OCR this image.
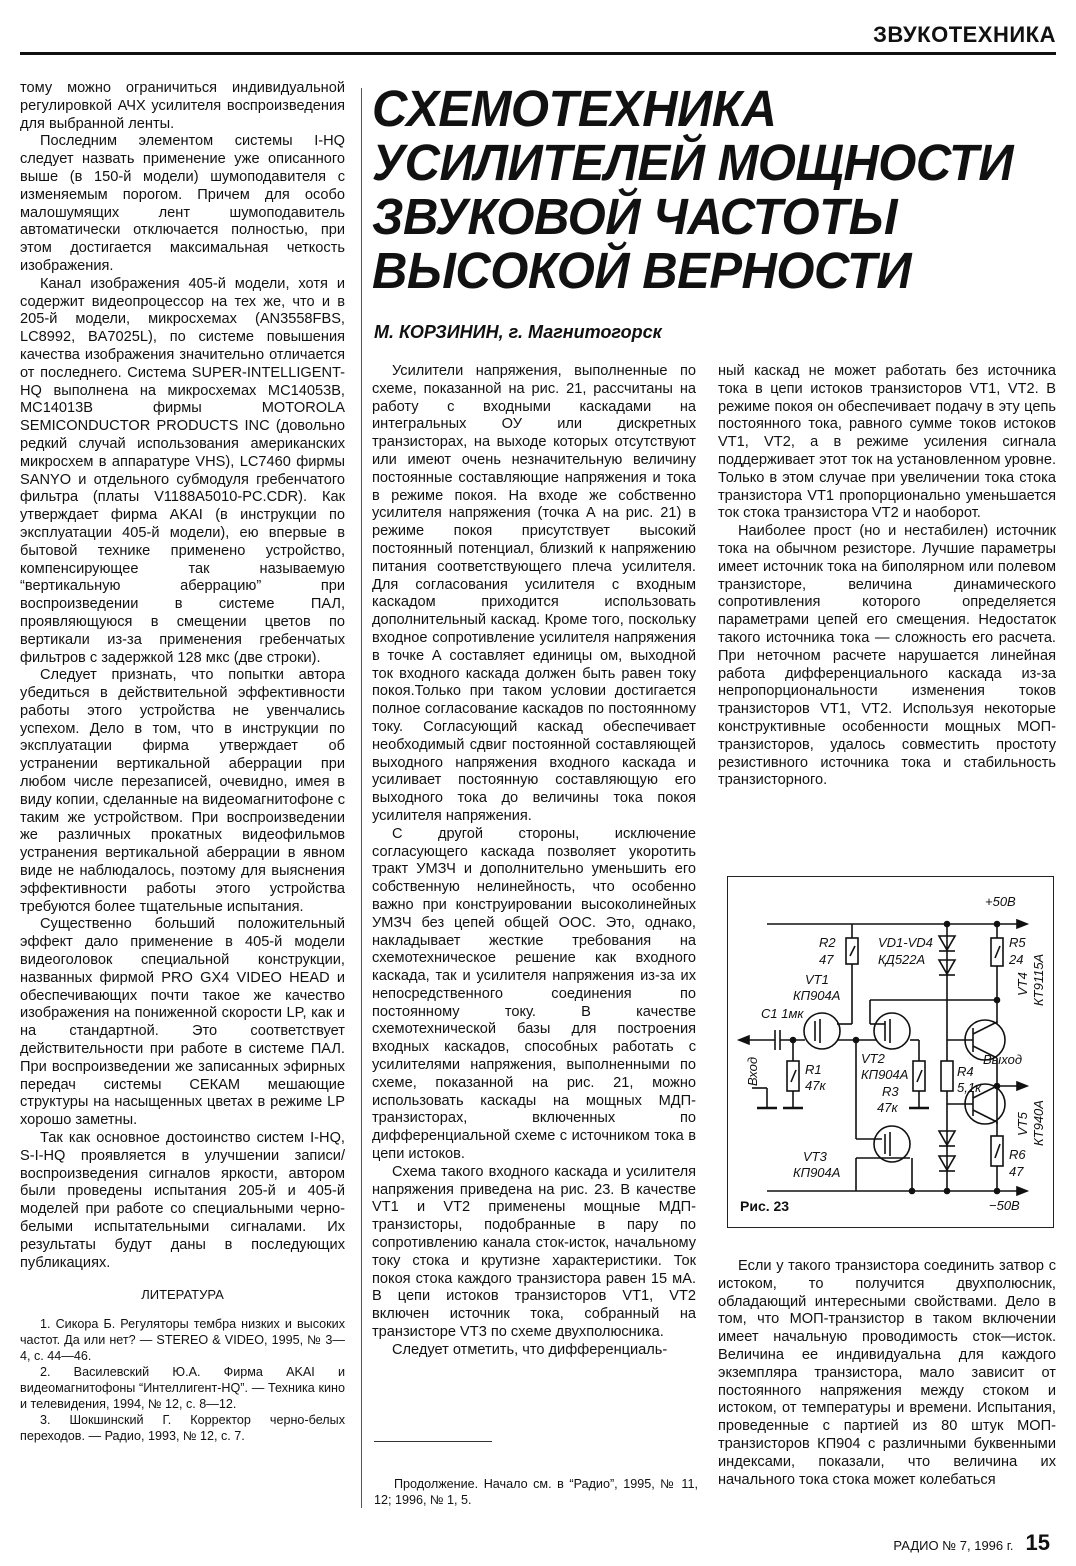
ЗВУКОТЕХНИКА

тому можно ограничиться индивидуальной регулировкой АЧХ усилителя воспроизведения для выбранной ленты.

Последним элементом системы I-HQ следует назвать применение уже описанного выше (в 150-й модели) шумоподавителя с изменяемым порогом. Причем для особо малошумящих лент шумоподавитель автоматически отключается полностью, при этом достигается максимальная четкость изображения.

Канал изображения 405-й модели, хотя и содержит видеопроцессор на тех же, что и в 205-й модели, микросхемах (AN3558FBS, LC8992, BA7025L), по системе повышения качества изображения значительно отличается от последнего. Система SUPER-INTELLIGENT-HQ выполнена на микросхемах MC14053B, MC14013B фирмы MOTOROLA SEMICONDUCTOR PRODUCTS INC (довольно редкий случай использования американских микросхем в аппаратуре VHS), LC7460 фирмы SANYO и отдельного субмодуля гребенчатого фильтра (платы V1188A5010-PC.CDR). Как утверждает фирма AKAI (в инструкции по эксплуатации 405-й модели), ею впервые в бытовой технике применено устройство, компенсирующее так называемую “вертикальную аберрацию” при воспроизведении в системе ПАЛ, проявляющуюся в смещении цветов по вертикали из-за применения гребенчатых фильтров с задержкой 128 мкс (две строки).

Следует признать, что попытки автора убедиться в действительной эффективности работы этого устройства не увенчались успехом. Дело в том, что в инструкции по эксплуатации фирма утверждает об устранении вертикальной аберрации при любом числе перезаписей, очевидно, имея в виду копии, сделанные на видеомагнитофоне с таким же устройством. При воспроизведении же различных прокатных видеофильмов устранения вертикальной аберрации в явном виде не наблюдалось, поэтому для выяснения эффективности работы этого устройства требуются более тщательные испытания.

Существенно больший положительный эффект дало применение в 405-й модели видеоголовок специальной конструкции, названных фирмой PRO GX4 VIDEO HEAD и обеспечивающих почти такое же качество изображения на пониженной скорости LP, как и на стандартной. Это соответствует действительности при работе в системе ПАЛ. При воспроизведении же записанных эфирных передач системы СЕКАМ мешающие структуры на насыщенных цветах в режиме LP хорошо заметны.

Так как основное достоинство систем I-HQ, S-I-HQ проявляется в улучшении записи/воспроизведения сигналов яркости, автором были проведены испытания 205-й и 405-й моделей при работе со специальными черно-белыми испытательными сигналами. Их результаты будут даны в последующих публикациях.

ЛИТЕРАТУРА

1. Сикора Б. Регуляторы тембра низких и высоких частот. Да или нет? — STEREO & VIDEO, 1995, № 3—4, с. 44—46.

2. Василевский Ю.А. Фирма AKAI и видеомагнитофоны “Интеллигент-HQ”. — Техника кино и телевидения, 1994, № 12, с. 8—12.

3. Шокшинский Г. Корректор черно-белых переходов. — Радио, 1993, № 12, с. 7.

СХЕМОТЕХНИКА
УСИЛИТЕЛЕЙ МОЩНОСТИ
ЗВУКОВОЙ ЧАСТОТЫ
ВЫСОКОЙ ВЕРНОСТИ
М. КОРЗИНИН, г. Магнитогорск

Усилители напряжения, выполненные по схеме, показанной на рис. 21, рассчитаны на работу с входными каскадами на интегральных ОУ или дискретных транзисторах, на выходе которых отсутствуют или имеют очень незначительную величину постоянные составляющие напряжения и тока в режиме покоя. На входе же собственно усилителя напряжения (точка А на рис. 21) в режиме покоя присутствует высокий постоянный потенциал, близкий к напряжению питания соответствующего плеча усилителя. Для согласования усилителя с входным каскадом приходится использовать дополнительный каскад. Кроме того, поскольку входное сопротивление усилителя напряжения в точке А составляет единицы ом, выходной ток входного каскада должен быть равен току покоя.Только при таком условии достигается полное согласование каскадов по постоянному току. Согласующий каскад обеспечивает необходимый сдвиг постоянной составляющей выходного напряжения входного каскада и усиливает постоянную составляющую его выходного тока до величины тока покоя усилителя напряжения.

С другой стороны, исключение согласующего каскада позволяет укоротить тракт УМЗЧ и дополнительно уменьшить его собственную нелинейность, что особенно важно при конструировании высоколинейных УМЗЧ без цепей общей ООС. Это, однако, накладывает жесткие требования на схемотехническое решение как входного каскада, так и усилителя напряжения из-за их непосредственного соединения по постоянному току. В качестве схемотехнической базы для построения входных каскадов, способных работать с усилителями напряжения, выполненными по схеме, показанной на рис. 21, можно использовать каскады на мощных МДП-транзисторах, включенных по дифференциальной схеме с источником тока в цепи истоков.

Схема такого входного каскада и усилителя напряжения приведена на рис. 23. В качестве VT1 и VT2 применены мощные МДП-транзисторы, подобранные в пару по сопротивлению канала сток-исток, начальному току стока и крутизне характеристики. Ток покоя стока каждого транзистора равен 15 мА. В цепи истоков транзисторов VT1, VT2 включен источник тока, собранный на транзисторе VT3 по схеме двухполюсника.

Следует отметить, что дифференциаль-

Продолжение. Начало см. в “Радио”, 1995, № 11, 12; 1996, № 1, 5.

ный каскад не может работать без источника тока в цепи истоков транзисторов VT1, VT2. В режиме покоя он обеспечивает подачу в эту цепь постоянного тока, равного сумме токов истоков VT1, VT2, а в режиме усиления сигнала поддерживает этот ток на установленном уровне. Только в этом случае при увеличении тока стока транзистора VT1 пропорционально уменьшается ток стока транзистора VT2 и наоборот.

Наиболее прост (но и нестабилен) источник тока на обычном резисторе. Лучшие параметры имеет источник тока на биполярном или полевом транзисторе, величина динамического сопротивления которого определяется параметрами цепей его смещения. Недостаток такого источника тока — сложность его расчета. При неточном расчете нарушается линейная работа дифференциального каскада из-за непропорциональности изменения токов транзисторов VT1, VT2. Используя некоторые конструктивные особенности мощных МОП-транзисторов, удалось совместить простоту резистивного источника тока и стабильность транзисторного.

+50В
−50В
R2
47
VD1-VD4
КД522А
R5
24
VT1
КП904А
C1 1мк
VT2
КП904А
R3
47к
R1
47к
R4
5,1к
Выход
VT3
КП904А
R6
47
Вход
VT4 КТ9115А
VT5 КТ940А
Рис. 23

Если у такого транзистора соединить затвор с истоком, то получится двухполюсник, обладающий интересными свойствами. Дело в том, что МОП-транзистор в таком включении имеет начальную проводимость сток—исток. Величина ее индивидуальна для каждого экземпляра транзистора, мало зависит от постоянного напряжения между стоком и истоком, от температуры и времени. Испытания, проведенные с партией из 80 штук МОП-транзисторов КП904 с различными буквенными индексами, показали, что величина их начального тока стока может колебаться

РАДИО № 7, 1996 г. 15
